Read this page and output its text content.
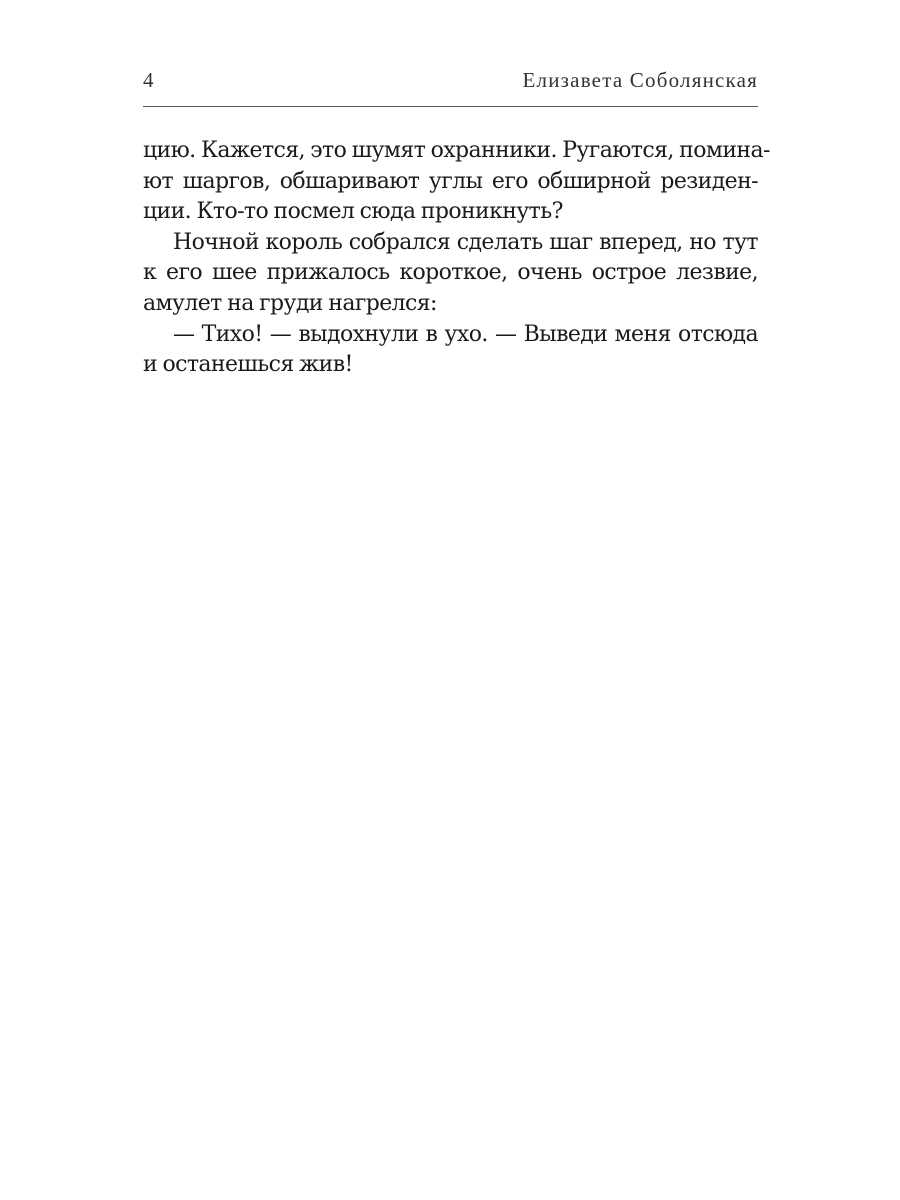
4	Елизавета Соболянская
цию. Кажется, это шумят охранники. Ругаются, помина-
ют шаргов, обшаривают углы его обширной резиден-
ции. Кто-то посмел сюда проникнуть?
Ночной король собрался сделать шаг вперед, но тут
к его шее прижалось короткое, очень острое лезвие,
амулет на груди нагрелся:
— Тихо! — выдохнули в ухо. — Выведи меня отсюда
и останешься жив!
